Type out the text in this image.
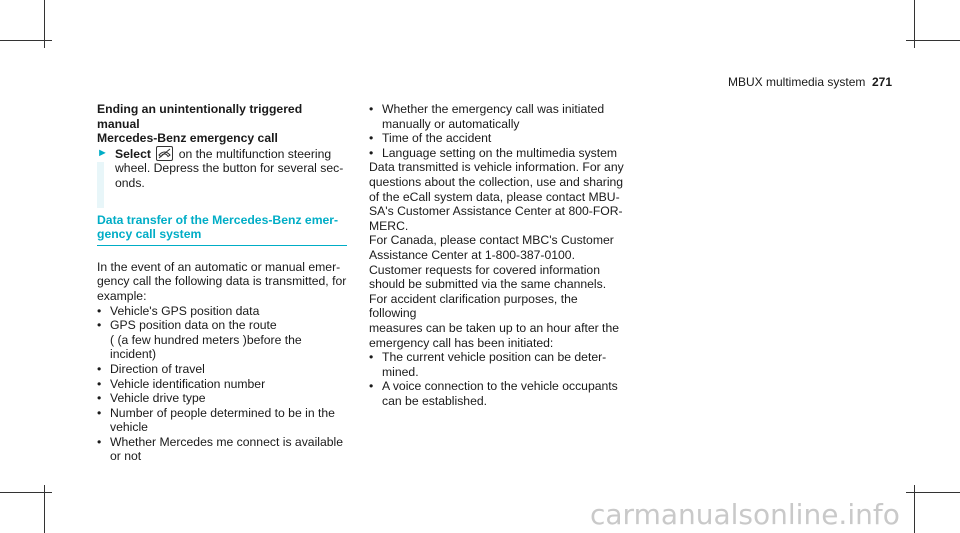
MBUX multimedia system 271
Ending an unintentionally triggered manual
Mercedes-Benz emergency call
► Select on the multifunction steering
wheel. Depress the button for several sec-
onds.
Data transfer of the Mercedes-Benz emer-
gency call system
In the event of an automatic or manual emer-
gency call the following data is transmitted, for
example:
• Vehicle's GPS position data
• GPS position data on the route
( (a few hundred meters )before the incident)
• Direction of travel
• Vehicle identification number
• Vehicle drive type
• Number of people determined to be in the
vehicle
• Whether Mercedes me connect is available
or not
• Whether the emergency call was initiated
manually or automatically
• Time of the accident
• Language setting on the multimedia system
Data transmitted is vehicle information. For any
questions about the collection, use and sharing
of the eCall system data, please contact MBU-
SA's Customer Assistance Center at 800-FOR-
MERC.
For Canada, please contact MBC's Customer
Assistance Center at 1-800-387-0100.
Customer requests for covered information
should be submitted via the same channels.
For accident clarification purposes, the following
measures can be taken up to an hour after the
emergency call has been initiated:
• The current vehicle position can be deter-
mined.
• A voice connection to the vehicle occupants
can be established.
carmanualsonline.info
